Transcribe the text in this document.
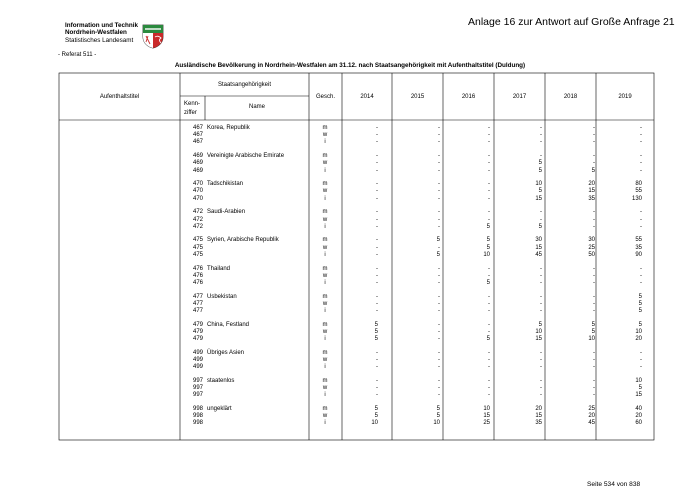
Information und Technik
Nordrhein-Westfalen
Statistisches Landesamt
Anlage 16 zur Antwort auf Große Anfrage 21
- Referat 511 -
Ausländische Bevölkerung in Nordrhein-Westfalen am 31.12. nach Staatsangehörigkeit mit Aufenthaltstitel (Duldung)
Aufenthaltstitel
Staatsangehörigkeit
Kenn-
ziffer
Name
Gesch.	2014	2015	2016	2017	2018	2019
467 Korea, Republik	m	-	-	-	-	-	-
467	w	-	-	-	-	-	-
467	i	-	-	-	-	-	-
469 Vereinigte Arabische Emirate	m	-	-	-	-	-	-
469	w	-	-	-	5	-	-
469	i	-	-	-	5	5	-
470 Tadschikistan	m	-	-	-	10	20	80
470	w	-	-	-	5	15	55
470	i	-	-	-	15	35	130
472 Saudi-Arabien	m	-	-	-	-	-	-
472	w	-	-	-	-	-	-
472	i	-	-	5	5	-	-
475 Syrien, Arabische Republik	m	-	5	5	30	30	55
475	w	-	-	5	15	25	35
475	i	-	5	10	45	50	90
476 Thailand	m	-	-	-	-	-	-
476	w	-	-	-	-	-	-
476	i	-	-	5	-	-	-
477 Usbekistan	m	-	-	-	-	-	5
477	w	-	-	-	-	-	5
477	i	-	-	-	-	-	5
479 China, Festland	m	5	-	-	5	5	5
479	w	5	-	-	10	5	10
479	i	5	-	5	15	10	20
499 Übriges Asien	m	-	-	-	-	-	-
499	w	-	-	-	-	-	-
499	i	-	-	-	-	-	-
997 staatenlos	m	-	-	-	-	-	10
997	w	-	-	-	-	-	5
997	i	-	-	-	-	-	15
998 ungeklärt	m	5	5	10	20	25	40
998	w	5	5	15	15	20	20
998	i	10	10	25	35	45	60
Seite 534 von 838
